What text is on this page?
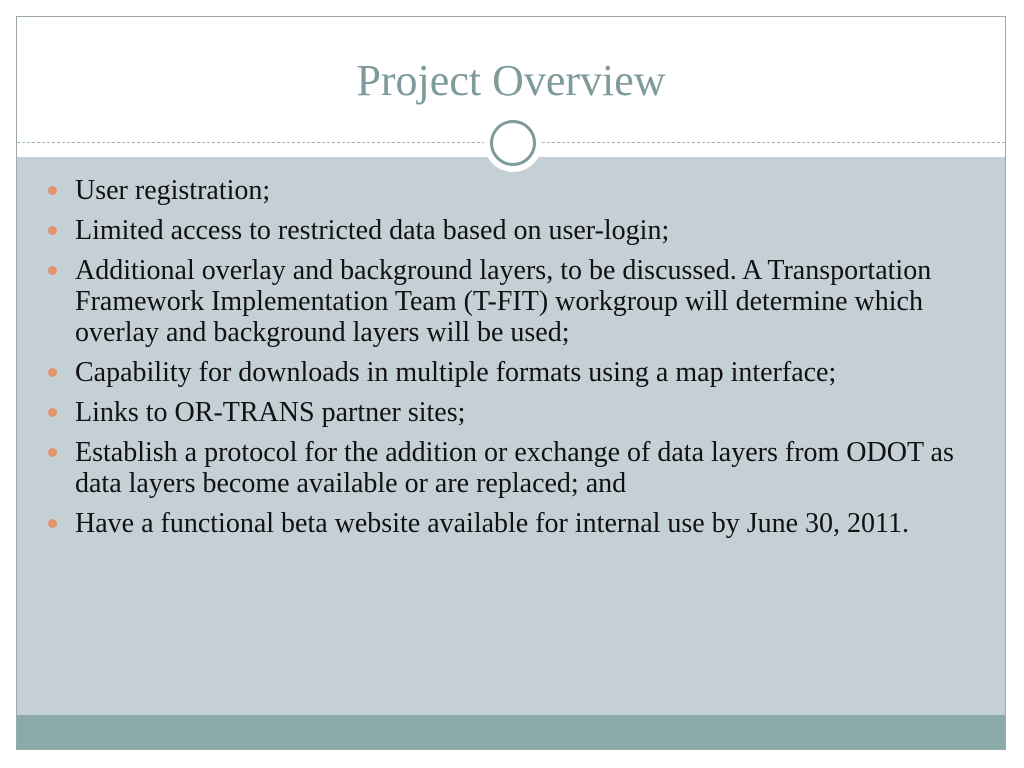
Project Overview
User registration;
Limited access to restricted data based on user-login;
Additional overlay and background layers, to be discussed. A Transportation Framework Implementation Team (T-FIT) workgroup will determine which overlay and background layers will be used;
Capability for downloads in multiple formats using a map interface;
Links to OR-TRANS partner sites;
Establish a protocol for the addition or exchange of data layers from ODOT as data layers become available or are replaced; and
Have a functional beta website available for internal use by June 30, 2011.
